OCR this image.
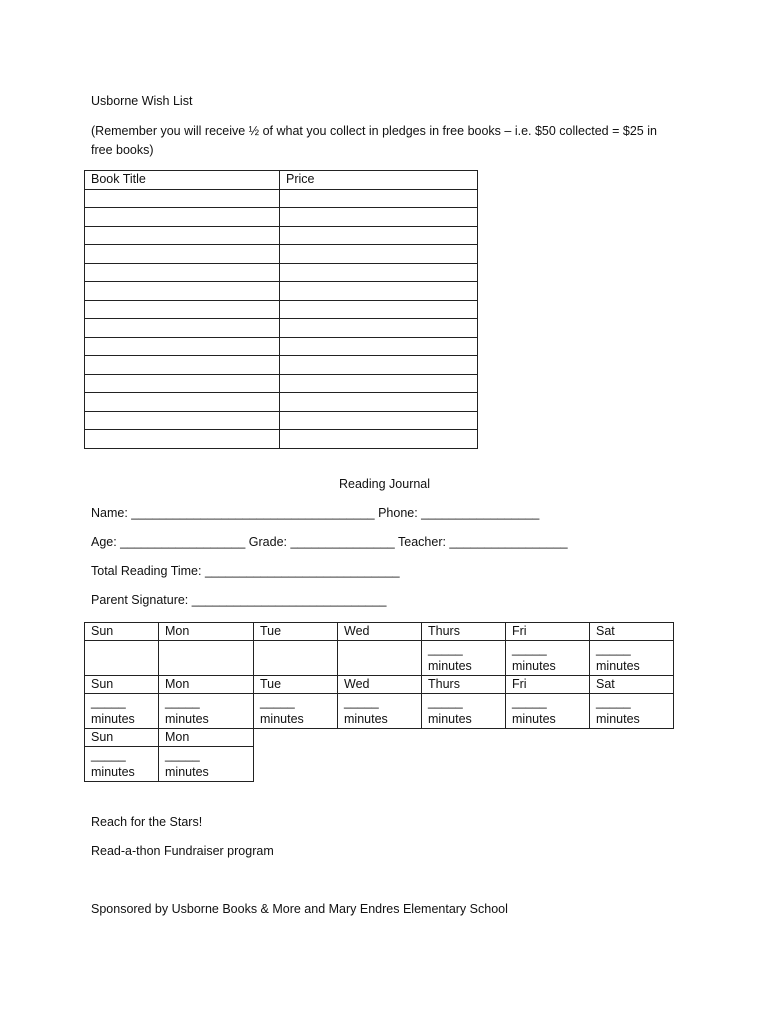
Usborne Wish List
(Remember you will receive ½ of what you collect in pledges in free books – i.e. $50 collected = $25 in free books)
Book Title	Price

Reading Journal
Name: ___________________________________ Phone: _________________
Age: __________________ Grade: _______________ Teacher: _________________
Total Reading Time: ____________________________
Parent Signature: ____________________________
Sun	Mon	Tue	Wed	Thurs	Fri	Sat

				_____
minutes	_____
minutes	_____
minutes
Sun	Mon	Tue	Wed	Thurs	Fri	Sat

_____
minutes	_____
minutes	_____
minutes	_____
minutes	_____
minutes	_____
minutes	_____
minutes
Sun	Mon					

_____
minutes	_____
minutes					
Reach for the Stars!
Read-a-thon Fundraiser program
Sponsored by Usborne Books & More and Mary Endres Elementary School
